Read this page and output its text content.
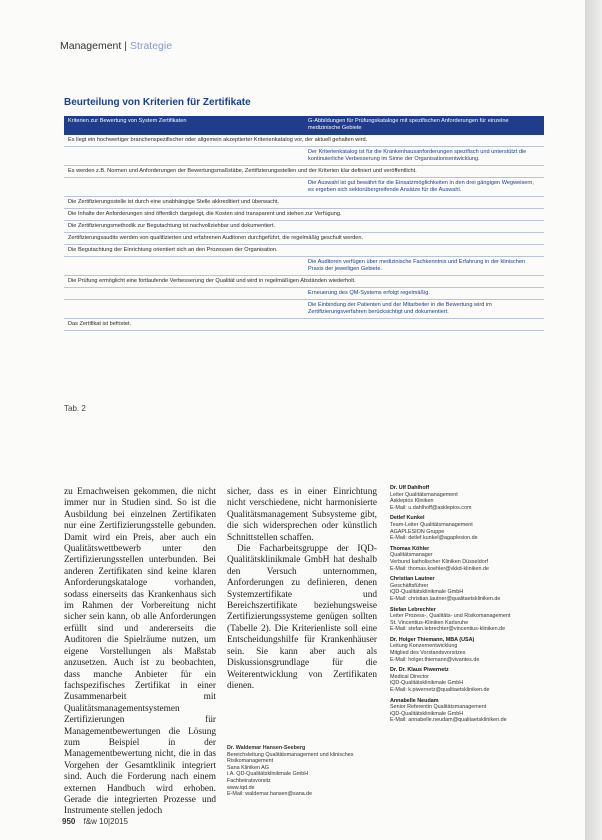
Management | Strategie
Beurteilung von Kriterien für Zertifikate
Kriterien zur Bewertung von System Zertifikaten	G-Abbildungen für Prüfungskataloge mit spezifischen Anforderungen für einzelne medizinische Gebiete
Es liegt ein hochwertiger branchenspezifischer oder allgemein akzeptierter Kriterienkatalog vor, der aktuell gehalten wird.
Der Kriterienkatalog ist für die Krankenhausanforderungen spezifisch und unterstützt die kontinuierliche Verbesserung im Sinne der Organisationsentwicklung.
Es werden z.B. Normen und Anforderungen der Bewertungsmaßstäbe, Zertifizierungsstellen und der Kriterien klar definiert und veröffentlicht.
Die Auswahl ist gut bewährt für die Einsatzmöglichkeiten in den drei gängigen Wegweisern, es ergeben sich sektorübergreifende Ansätze für die Auswahl.
Die Zertifizierungsstelle ist durch eine unabhängige Stelle akkreditiert und überwacht.
Die Inhalte der Anforderungen sind öffentlich dargelegt, die Kosten sind transparent und stehen zur Verfügung.
Die Zertifizierungsmethodik zur Begutachtung ist nachvollziehbar und dokumentiert.
Zertifizierungsaudits werden von qualifizierten und erfahrenen Auditoren durchgeführt, die regelmäßig geschult werden.
Die Begutachtung der Einrichtung orientiert sich an den Prozessen der Organisation.
Die Auditoren verfügen über medizinische Fachkenntnis und Erfahrung in der klinischen Praxis der jeweiligen Gebiete.
Die Prüfung ermöglicht eine fortlaufende Verbesserung der Qualität und wird in regelmäßigen Abständen wiederholt.
Erneuerung des QM-Systems erfolgt regelmäßig.
Die Einbindung der Patienten und der Mitarbeiter in die Bewertung wird im Zertifizierungsverfahren berücksichtigt und dokumentiert.
Das Zertifikat ist befristet.
Tab. 2
zu Ernachweisen gekommen, die nicht immer nur in Studien sind. So ist die Ausbildung bei einzelnen Zertifikaten nur eine Zertifizierungsstelle gebunden. Damit wird ein Preis, aber auch ein Qualitätswettbewerb unter den Zertifizierungsstellen unterbunden. Bei anderen Zertifikaten sind keine klaren Anforderungskataloge vorhanden, sodass einerseits das Krankenhaus sich im Rahmen der Vorbereitung nicht sicher sein kann, ob alle Anforderungen erfüllt sind und andererseits die Auditoren die Spielräume nutzen, um eigene Vorstellungen als Maßstab anzusetzen. Auch ist zu beobachten, dass manche Anbieter für ein fachspezifisches Zertifikat in einer Zusammenarbeit mit Qualitätsmanagementsystemen Zertifizierungen für Managementbewertungen die Lösung zum Beispiel in der Managementbewertung nicht, die in das Vorgehen der Gesamtklinik integriert sind. Auch die Forderung nach einem externen Handbuch wird erhoben. Gerade die integrierten Prozesse und Instrumente stellen jedoch

sicher, dass es in einer Einrichtung nicht verschiedene, nicht harmonisierte Qualitätsmanagement Subsysteme gibt, die sich widersprechen oder künstlich Schnittstellen schaffen.

Die Facharbeitsgruppe der IQD-Qualitätsklinikmale GmbH hat deshalb den Versuch unternommen, Anforderungen zu definieren, denen Systemzertifikate und Bereichszertifikate beziehungsweise Zertifizierungssysteme genügen sollten (Tabelle 2). Die Kriterienliste soll eine Entscheidungshilfe für Krankenhäuser sein. Sie kann aber auch als Diskussionsgrundlage für die Weiterentwicklung von Zertifikaten dienen.

Dr. Waldemar Hansen-Seeberg
Bereichsleitung Qualitätsmanagement und klinisches Risikomanagement
Sana Kliniken AG
i.A. QD-Qualitätsklinikmale GmbH
Fachbeiratsvorsitz
www.iqd.de
E-Mail: waldemar.hansen@sana.de
Dr. Ulf Dahlhoff
Leiter Qualitätsmanagement
Asklepios Kliniken
E-Mail: u.dahlhoff@asklepios.com
Detlef Kunkel
Team-Leiter Qualitätsmanagement
AGAPLESION Gruppe
E-Mail: detlef.kunkel@agaplesion.de
Thomas Köhler
Qualitätsmanager
Verbund katholischer Kliniken Düsseldorf
E-Mail: thomas.koehler@vkkd-kliniken.de
Christian Lautner
Geschäftsführer
iQD-Qualitätsklinikmale GmbH
E-Mail: christian.lautner@qualitaetskliniken.de
Stefan Lebrechter
Leiter Prozess-, Qualitäts- und Risikomanagement
St. Vincentius-Kliniken Karlsruhe
E-Mail: stefan.lebrechter@vincentius-kliniken.de
Dr. Holger Thiemann, MBA (USA)
Leitung Konzernentwicklung
Mitglied des Vorstandsvorsitzes
E-Mail: holger.thiemann@vivantes.de
Dr. Dr. Klaus Piwernetz
Medical Director
iQD-Qualitätsklinikmale GmbH
E-Mail: k.piwernetz@qualitaetskliniken.de
Annabelle Neudam
Senior Referentin Qualitätsmanagement
iQD-Qualitätsklinikmale GmbH
E-Mail: annabelle.neudam@qualitaetskliniken.de
950 f&w 10|2015
